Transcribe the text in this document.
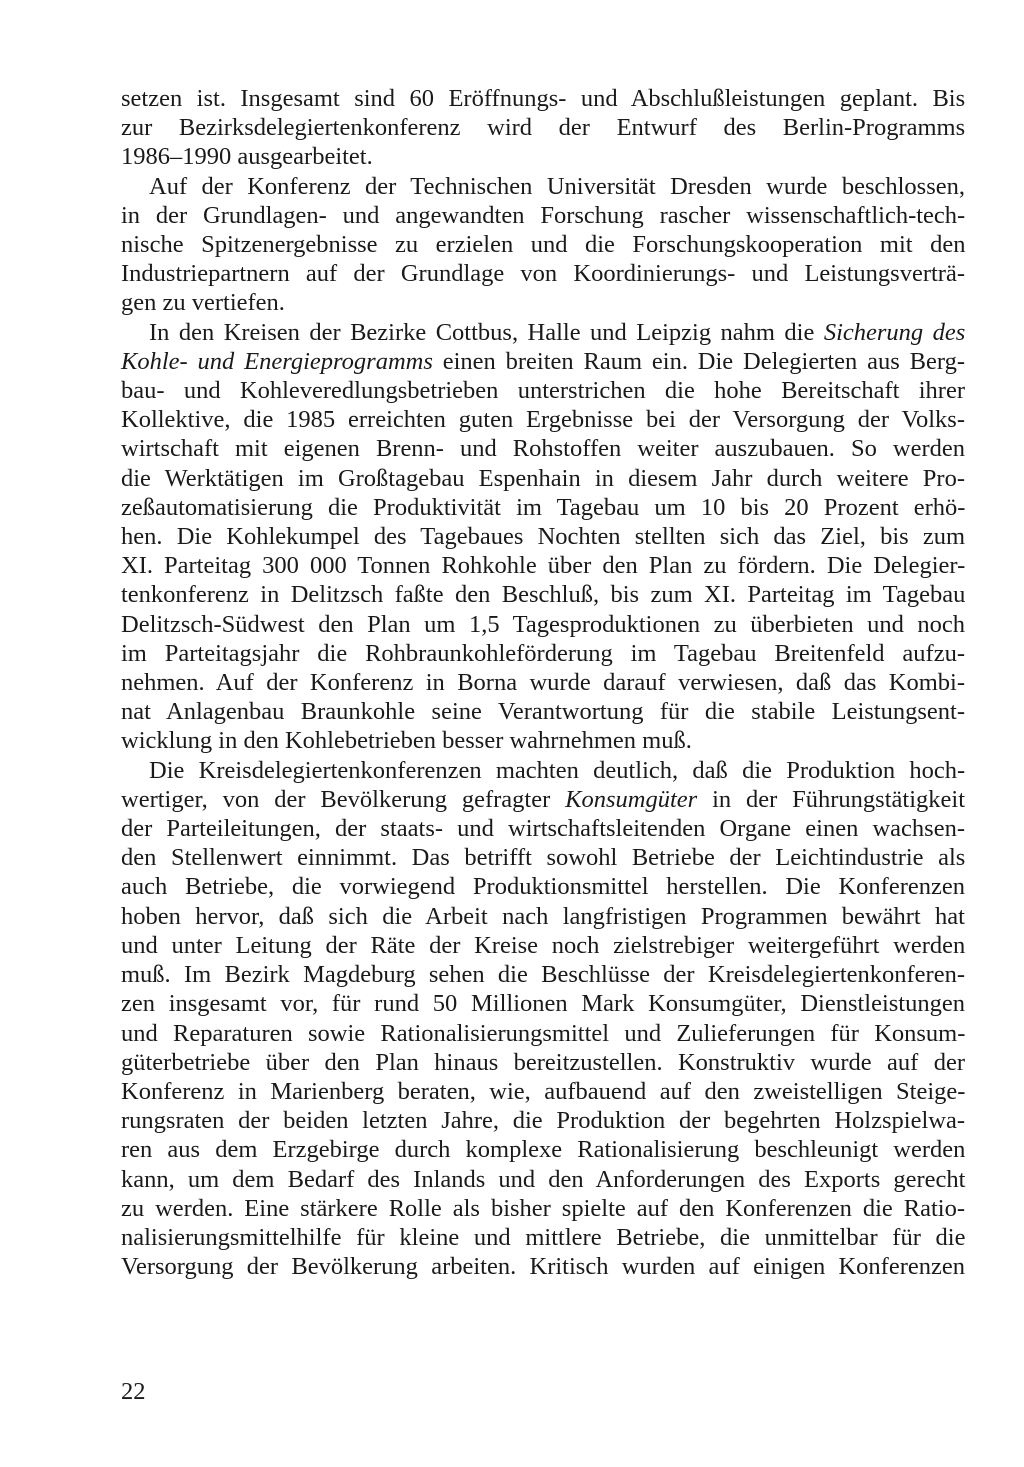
setzen ist. Insgesamt sind 60 Eröffnungs- und Abschlußleistungen geplant. Bis
zur Bezirksdelegiertenkonferenz wird der Entwurf des Berlin-Programms
1986–1990 ausgearbeitet.

Auf der Konferenz der Technischen Universität Dresden wurde beschlossen,
in der Grundlagen- und angewandten Forschung rascher wissenschaftlich-tech-
nische Spitzenergebnisse zu erzielen und die Forschungskooperation mit den
Industriepartnern auf der Grundlage von Koordinierungs- und Leistungsverträ-
gen zu vertiefen.

In den Kreisen der Bezirke Cottbus, Halle und Leipzig nahm die Sicherung des
Kohle- und Energieprogramms einen breiten Raum ein. Die Delegierten aus Berg-
bau- und Kohleveredlungsbetrieben unterstrichen die hohe Bereitschaft ihrer
Kollektive, die 1985 erreichten guten Ergebnisse bei der Versorgung der Volks-
wirtschaft mit eigenen Brenn- und Rohstoffen weiter auszubauen. So werden
die Werktätigen im Großtagebau Espenhain in diesem Jahr durch weitere Pro-
zeßautomatisierung die Produktivität im Tagebau um 10 bis 20 Prozent erhö-
hen. Die Kohlekumpel des Tagebaues Nochten stellten sich das Ziel, bis zum
XI. Parteitag 300 000 Tonnen Rohkohle über den Plan zu fördern. Die Delegier-
tenkonferenz in Delitzsch faßte den Beschluß, bis zum XI. Parteitag im Tagebau
Delitzsch-Südwest den Plan um 1,5 Tagesproduktionen zu überbieten und noch
im Parteitagsjahr die Rohbraunkohleförderung im Tagebau Breitenfeld aufzu-
nehmen. Auf der Konferenz in Borna wurde darauf verwiesen, daß das Kombi-
nat Anlagenbau Braunkohle seine Verantwortung für die stabile Leistungsent-
wicklung in den Kohlebetrieben besser wahrnehmen muß.

Die Kreisdelegiertenkonferenzen machten deutlich, daß die Produktion hoch-
wertiger, von der Bevölkerung gefragter Konsumgüter in der Führungstätigkeit
der Parteileitungen, der staats- und wirtschaftsleitenden Organe einen wachsen-
den Stellenwert einnimmt. Das betrifft sowohl Betriebe der Leichtindustrie als
auch Betriebe, die vorwiegend Produktionsmittel herstellen. Die Konferenzen
hoben hervor, daß sich die Arbeit nach langfristigen Programmen bewährt hat
und unter Leitung der Räte der Kreise noch zielstrebiger weitergeführt werden
muß. Im Bezirk Magdeburg sehen die Beschlüsse der Kreisdelegiertenkonferen-
zen insgesamt vor, für rund 50 Millionen Mark Konsumgüter, Dienstleistungen
und Reparaturen sowie Rationalisierungsmittel und Zulieferungen für Konsum-
güterbetriebe über den Plan hinaus bereitzustellen. Konstruktiv wurde auf der
Konferenz in Marienberg beraten, wie, aufbauend auf den zweistelligen Steige-
rungsraten der beiden letzten Jahre, die Produktion der begehrten Holzspielwa-
ren aus dem Erzgebirge durch komplexe Rationalisierung beschleunigt werden
kann, um dem Bedarf des Inlands und den Anforderungen des Exports gerecht
zu werden. Eine stärkere Rolle als bisher spielte auf den Konferenzen die Ratio-
nalisierungsmittelhilfe für kleine und mittlere Betriebe, die unmittelbar für die
Versorgung der Bevölkerung arbeiten. Kritisch wurden auf einigen Konferenzen

22
